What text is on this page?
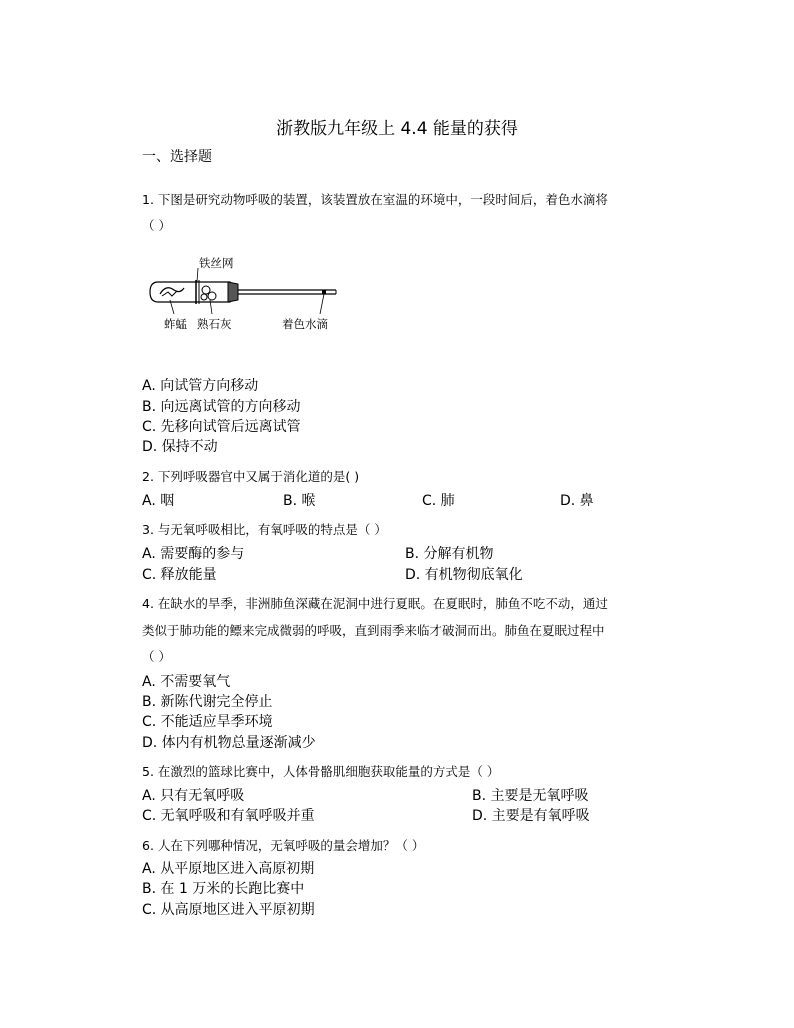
浙教版九年级上 4.4 能量的获得
一、选择题
1. 下图是研究动物呼吸的装置，该装置放在室温的环境中，一段时间后，着色水滴将
（ ）
铁丝网
蚱蜢 熟石灰	着色水滴
A. 向试管方向移动
B. 向远离试管的方向移动
C. 先移向试管后远离试管
D. 保持不动
2. 下列呼吸器官中又属于消化道的是( )
A. 咽	B. 喉	C. 肺	D. 鼻
3. 与无氧呼吸相比，有氧呼吸的特点是（ ）
A. 需要酶的参与	B. 分解有机物
C. 释放能量	D. 有机物彻底氧化
4. 在缺水的旱季，非洲肺鱼深藏在泥洞中进行夏眠。在夏眠时，肺鱼不吃不动，通过
类似于肺功能的鳔来完成微弱的呼吸，直到雨季来临才破洞而出。肺鱼在夏眠过程中
（ ）
A. 不需要氧气
B. 新陈代谢完全停止
C. 不能适应旱季环境
D. 体内有机物总量逐渐减少
5. 在激烈的篮球比赛中，人体骨骼肌细胞获取能量的方式是（ ）
A. 只有无氧呼吸	B. 主要是无氧呼吸
C. 无氧呼吸和有氧呼吸并重	D. 主要是有氧呼吸
6. 人在下列哪种情况，无氧呼吸的量会增加？（ ）
A. 从平原地区进入高原初期
B. 在 1 万米的长跑比赛中
C. 从高原地区进入平原初期
